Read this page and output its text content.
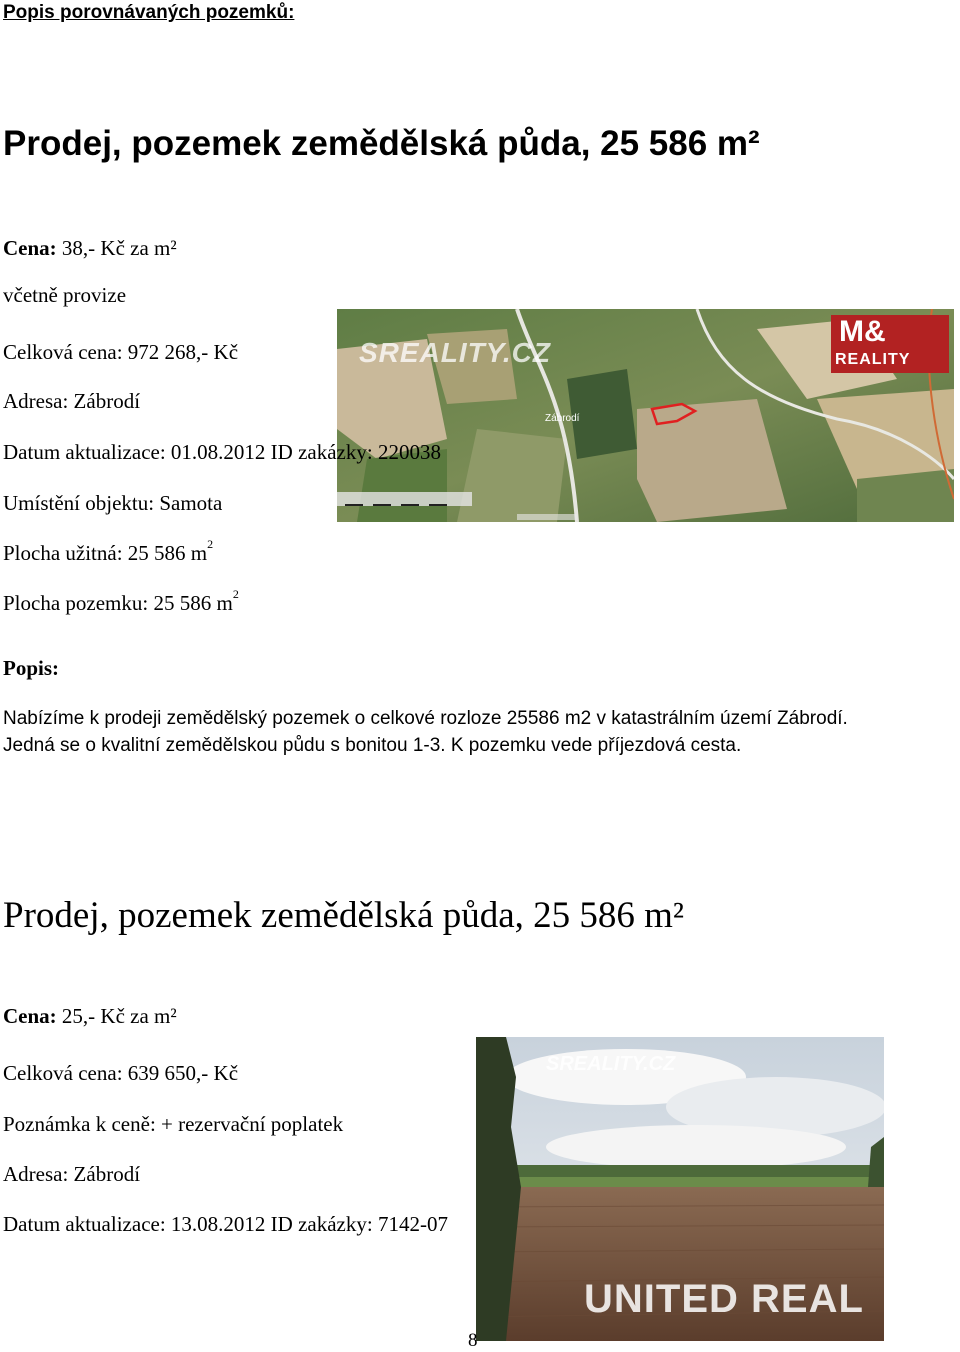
Popis porovnávaných pozemků:
Prodej, pozemek zemědělská půda, 25 586 m²
Cena: 38,- Kč za m²
včetně provize
Celková cena: 972 268,- Kč
Adresa: Zábrodí
SREALITY.CZ
Zábrodí
M&
REALITY
Datum aktualizace: 01.08.2012 ID zakázky: 220038
Umístění objektu: Samota
Plocha užitná: 25 586 $m^2$
Plocha pozemku: 25 586 $m^2$
Popis:
Nabízíme k prodeji zemědělský pozemek o celkové rozloze 25586 m2 v katastrálním území Zábrodí. Jedná se o kvalitní zemědělskou půdu s bonitou 1-3. K pozemku vede příjezdová cesta.
Prodej, pozemek zemědělská půda, 25 586 m²
Cena: 25,- Kč za m²
SREALITY.CZ
UNITED REAL
Celková cena: 639 650,- Kč
Poznámka k ceně: + rezervační poplatek
Adresa: Zábrodí
Datum aktualizace: 13.08.2012 ID zakázky: 7142-07
8
